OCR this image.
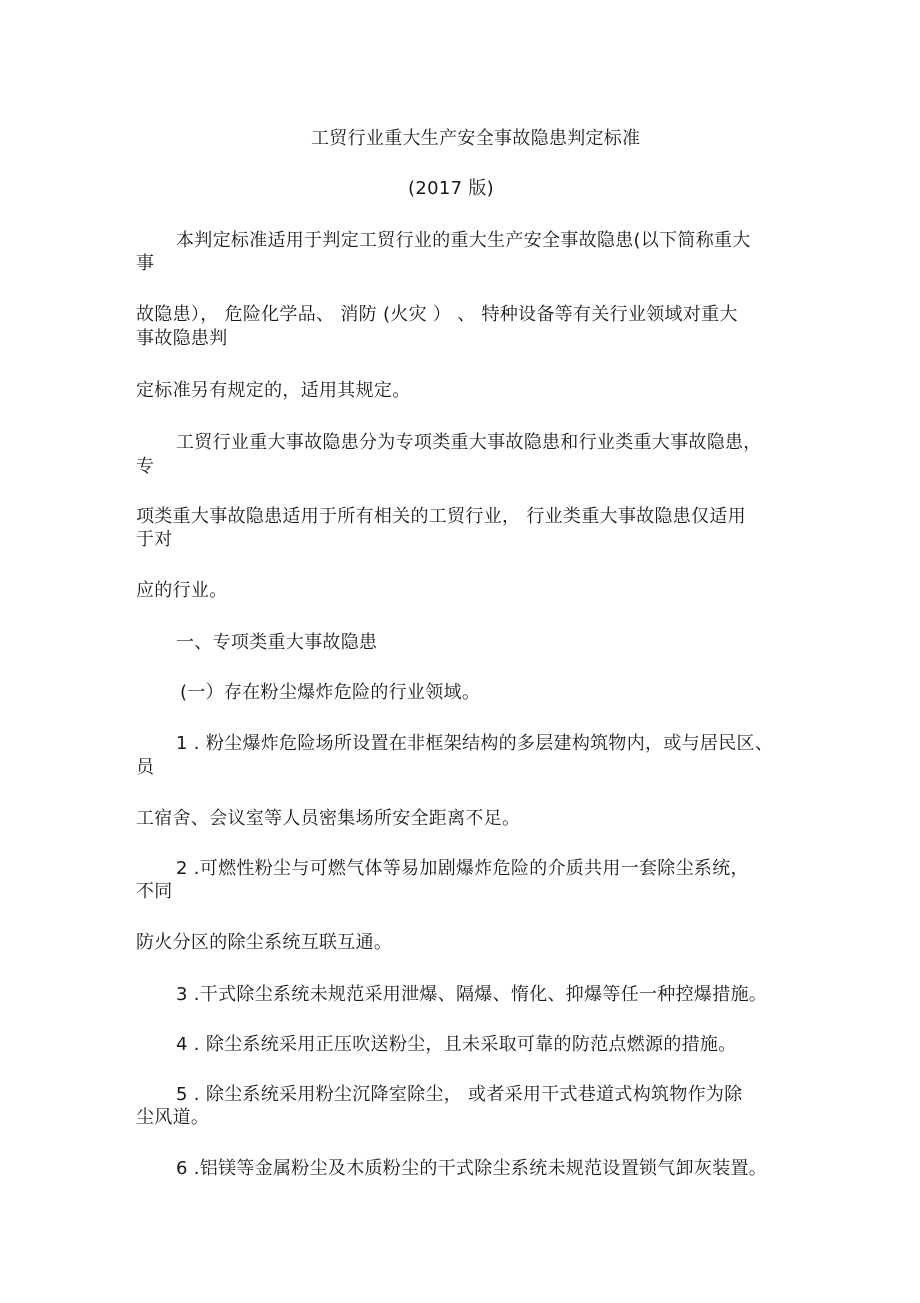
工贸行业重大生产安全事故隐患判定标准
(2017 版)
本判定标准适用于判定工贸行业的重大生产安全事故隐患(以下简称重大
事
故隐患）， 危险化学品、 消防 (火灾 ） 、 特种设备等有关行业领域对重大
事故隐患判
定标准另有规定的，适用其规定。
工贸行业重大事故隐患分为专项类重大事故隐患和行业类重大事故隐患，
专
项类重大事故隐患适用于所有相关的工贸行业， 行业类重大事故隐患仅适用
于对
应的行业。
一、专项类重大事故隐患
(一）存在粉尘爆炸危险的行业领域。
1 . 粉尘爆炸危险场所设置在非框架结构的多层建构筑物内，或与居民区、
员
工宿舍、会议室等人员密集场所安全距离不足。
2 .可燃性粉尘与可燃气体等易加剧爆炸危险的介质共用一套除尘系统，
不同
防火分区的除尘系统互联互通。
3 .干式除尘系统未规范采用泄爆、隔爆、惰化、抑爆等任一种控爆措施。
4 . 除尘系统采用正压吹送粉尘，且未采取可靠的防范点燃源的措施。
5 . 除尘系统采用粉尘沉降室除尘， 或者采用干式巷道式构筑物作为除
尘风道。
6 .铝镁等金属粉尘及木质粉尘的干式除尘系统未规范设置锁气卸灰装置。
